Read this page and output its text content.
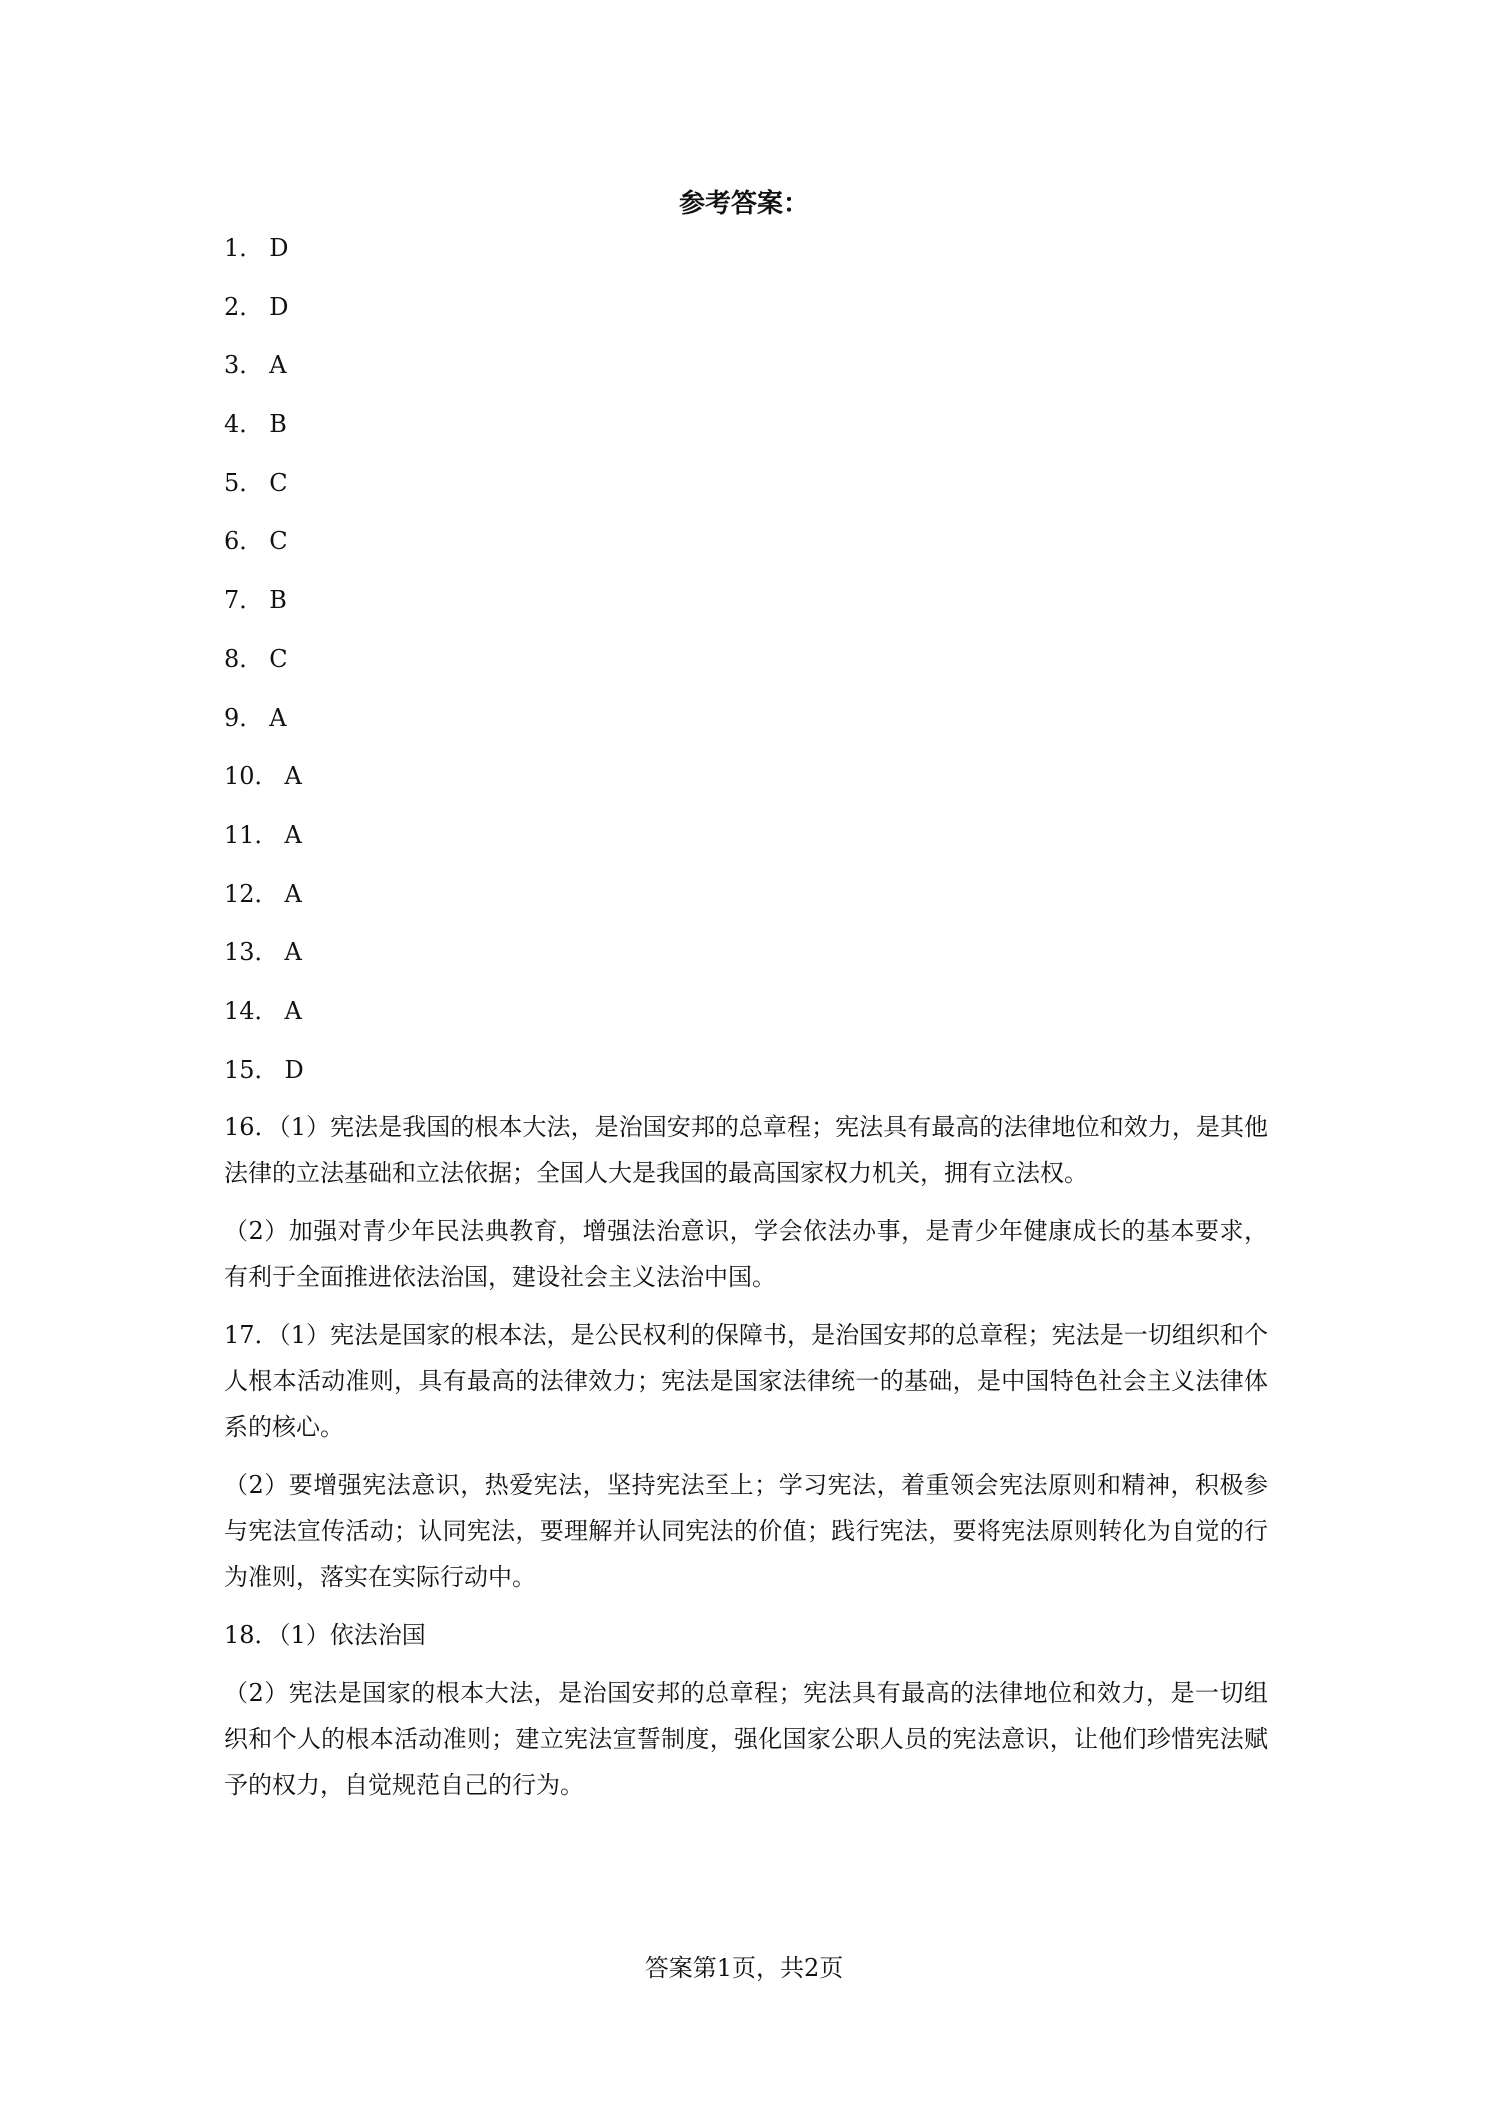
参考答案：
1． D
2． D
3． A
4． B
5． C
6． C
7． B
8． C
9． A
10． A
11． A
12． A
13． A
14． A
15． D

16．（1）宪法是我国的根本大法，是治国安邦的总章程；宪法具有最高的法律地位和效力，是其他法律的立法基础和立法依据；全国人大是我国的最高国家权力机关，拥有立法权。

（2）加强对青少年民法典教育，增强法治意识，学会依法办事，是青少年健康成长的基本要求，有利于全面推进依法治国，建设社会主义法治中国。

17．（1）宪法是国家的根本法，是公民权利的保障书，是治国安邦的总章程；宪法是一切组织和个人根本活动准则，具有最高的法律效力；宪法是国家法律统一的基础，是中国特色社会主义法律体系的核心。

（2）要增强宪法意识，热爱宪法，坚持宪法至上；学习宪法，着重领会宪法原则和精神，积极参与宪法宣传活动；认同宪法，要理解并认同宪法的价值；践行宪法，要将宪法原则转化为自觉的行为准则，落实在实际行动中。

18．（1）依法治国

（2）宪法是国家的根本大法，是治国安邦的总章程；宪法具有最高的法律地位和效力，是一切组织和个人的根本活动准则；建立宪法宣誓制度，强化国家公职人员的宪法意识，让他们珍惜宪法赋予的权力，自觉规范自己的行为。

答案第1页，共2页
